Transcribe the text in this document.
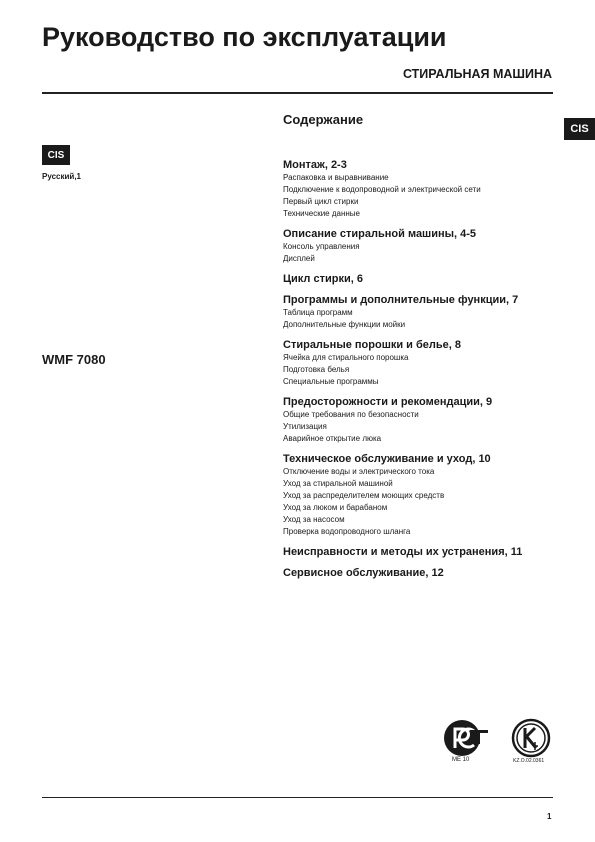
Руководство по эксплуатации
СТИРАЛЬНАЯ МАШИНА
CIS
CIS
Русский,1
WMF 7080
Содержание
Монтаж, 2-3
Распаковка и выравнивание
Подключение к водопроводной и электрической сети
Первый цикл стирки
Технические данные
Описание стиральной машины, 4-5
Консоль управления
Дисплей
Цикл стирки, 6
Программы и дополнительные функции, 7
Таблица программ
Дополнительные функции мойки
Стиральные порошки и белье, 8
Ячейка для стирального порошка
Подготовка белья
Специальные программы
Предосторожности и рекомендации, 9
Общие требования по безопасности
Утилизация
Аварийное открытие люка
Техническое обслуживание и уход, 10
Отключение воды и электрического тока
Уход за стиральной машиной
Уход за распределителем моющих средств
Уход за люком и барабаном
Уход за насосом
Проверка водопроводного шланга
Неисправности и методы их устранения, 11
Сервисное обслуживание, 12
ME 10	KZ.O.02.0361
1
